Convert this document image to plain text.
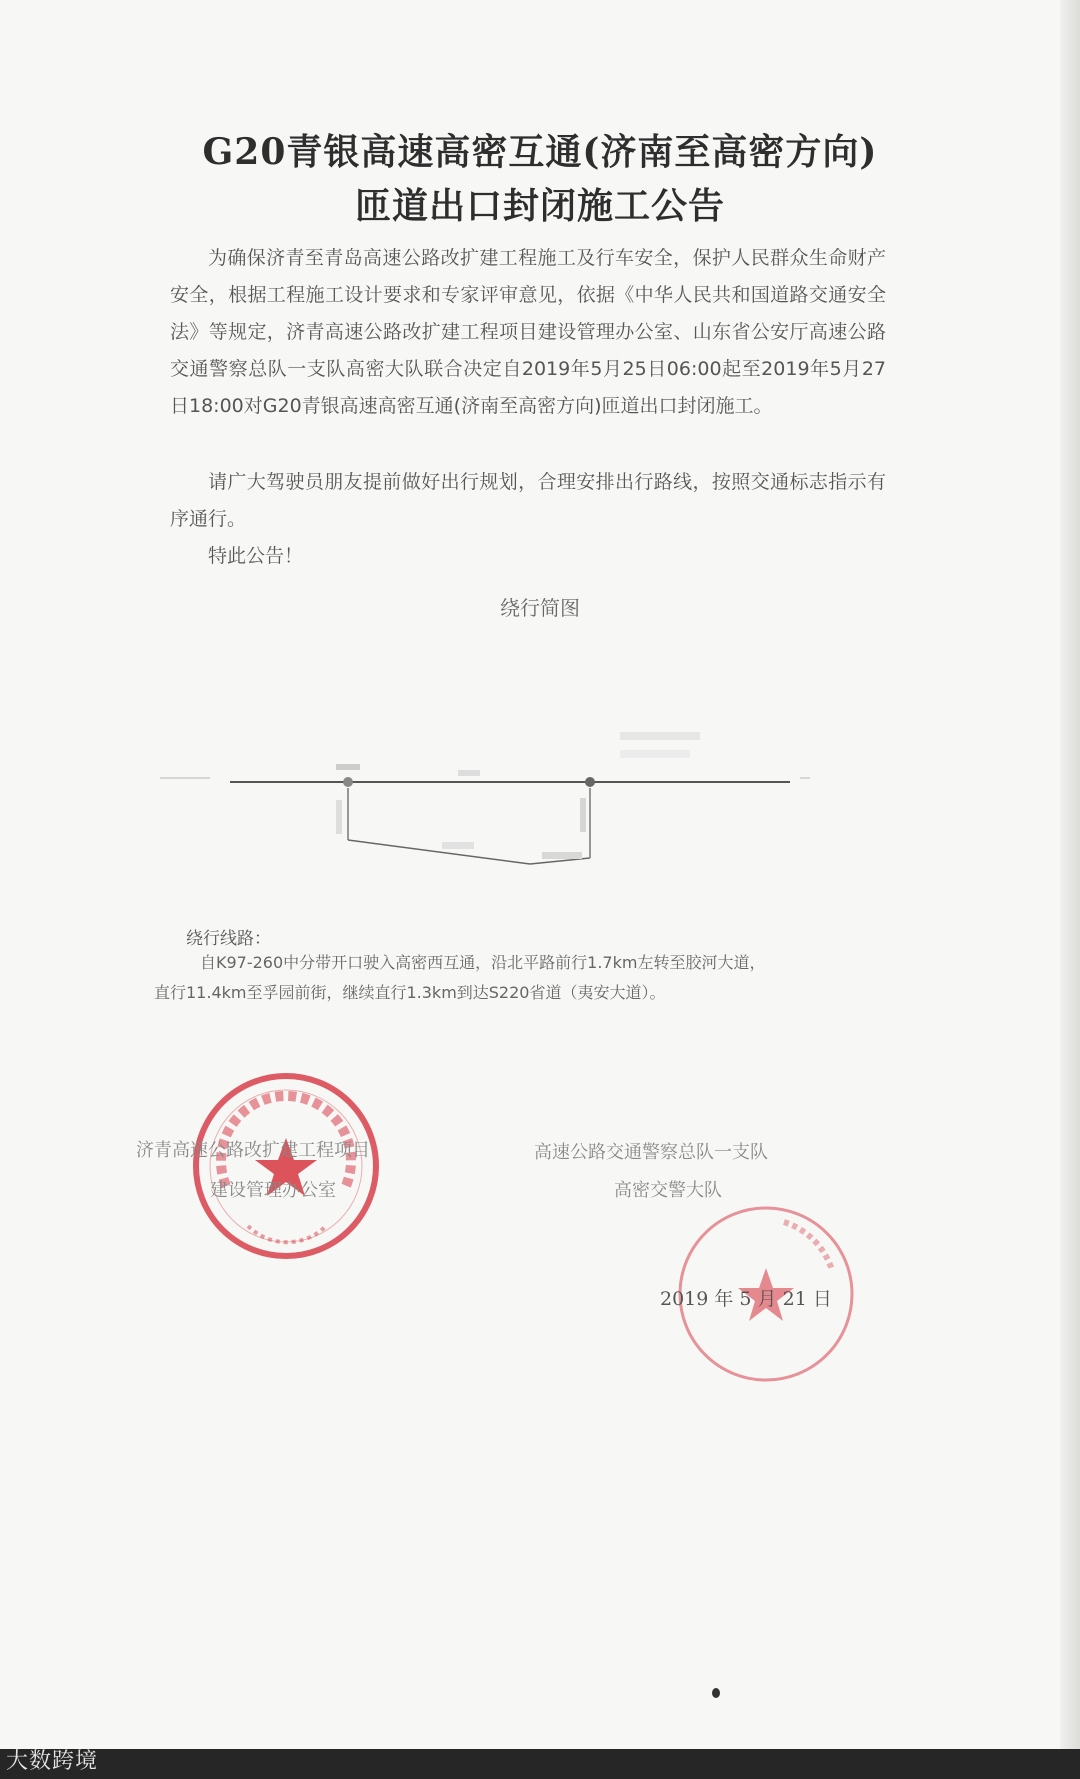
G20青银高速高密互通(济南至高密方向)
匝道出口封闭施工公告
为确保济青至青岛高速公路改扩建工程施工及行车安全，保护人民群众生命财产安全，根据工程施工设计要求和专家评审意见，依据《中华人民共和国道路交通安全法》等规定，济青高速公路改扩建工程项目建设管理办公室、山东省公安厅高速公路交通警察总队一支队高密大队联合决定自2019年5月25日06:00起至2019年5月27日18:00对G20青银高速高密互通(济南至高密方向)匝道出口封闭施工。
请广大驾驶员朋友提前做好出行规划，合理安排出行路线，按照交通标志指示有序通行。
特此公告！
绕行简图
绕行线路：
自K97-260中分带开口驶入高密西互通，沿北平路前行1.7km左转至胶河大道，
直行11.4km至孚园前街，继续直行1.3km到达S220省道（夷安大道）。
济青高速公路改扩建工程项目
建设管理办公室
高速公路交通警察总队一支队
高密交警大队
2019 年 5 月 21 日
大数跨境
